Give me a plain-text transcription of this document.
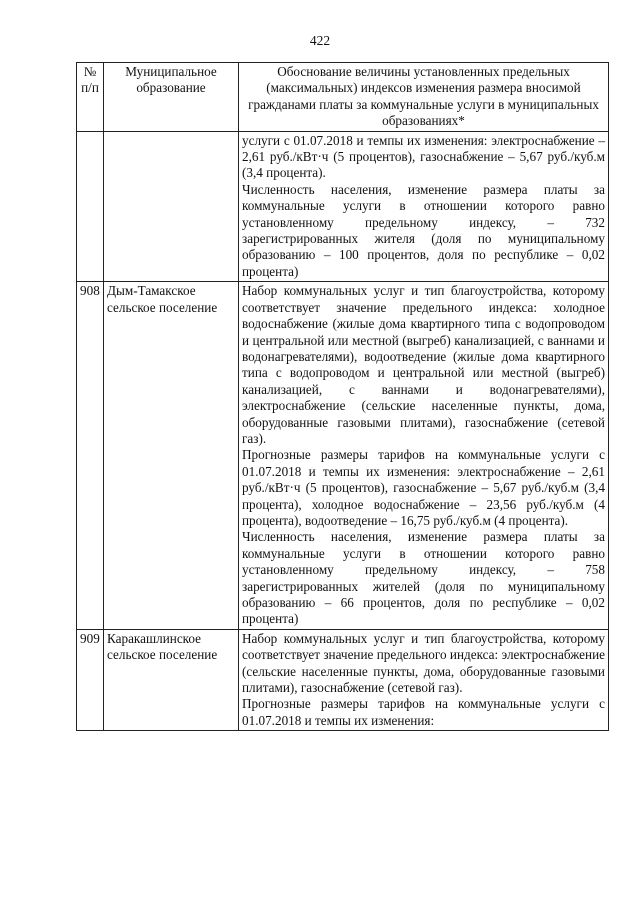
422
№ п/п	Муниципальное образование	Обоснование величины установленных предельных (максимальных) индексов изменения размера вносимой гражданами платы за коммунальные услуги в муниципальных образованиях*

		услуги с 01.07.2018 и темпы их изменения: электроснабжение – 2,61 руб./кВт·ч (5 процентов), газоснабжение – 5,67 руб./куб.м (3,4 процента).

Численность населения, изменение размера платы за коммунальные услуги в отношении которого равно установленному предельному индексу, – 732 зарегистрированных жителя (доля по муниципальному образованию – 100 процентов, доля по республике – 0,02 процента)

908	Дым-Тамакское сельское поселение	Набор коммунальных услуг и тип благоустройства, которому соответствует значение предельного индекса: холодное водоснабжение (жилые дома квартирного типа с водопроводом и центральной или местной (выгреб) канализацией, с ваннами и водонагревателями), водоотведение (жилые дома квартирного типа с водопроводом и центральной или местной (выгреб) канализацией, с ваннами и водонагревателями), электроснабжение (сельские населенные пункты, дома, оборудованные газовыми плитами), газоснабжение (сетевой газ).

Прогнозные размеры тарифов на коммунальные услуги с 01.07.2018 и темпы их изменения: электроснабжение – 2,61 руб./кВт·ч (5 процентов), газоснабжение – 5,67 руб./куб.м (3,4 процента), холодное водоснабжение – 23,56 руб./куб.м (4 процента), водоотведение – 16,75 руб./куб.м (4 процента).

Численность населения, изменение размера платы за коммунальные услуги в отношении которого равно установленному предельному индексу, – 758 зарегистрированных жителей (доля по муниципальному образованию – 66 процентов, доля по республике – 0,02 процента)

909	Каракашлинское сельское поселение	Набор коммунальных услуг и тип благоустройства, которому соответствует значение предельного индекса: электроснабжение (сельские населенные пункты, дома, оборудованные газовыми плитами), газоснабжение (сетевой газ).

Прогнозные размеры тарифов на коммунальные услуги с 01.07.2018 и темпы их изменения:
